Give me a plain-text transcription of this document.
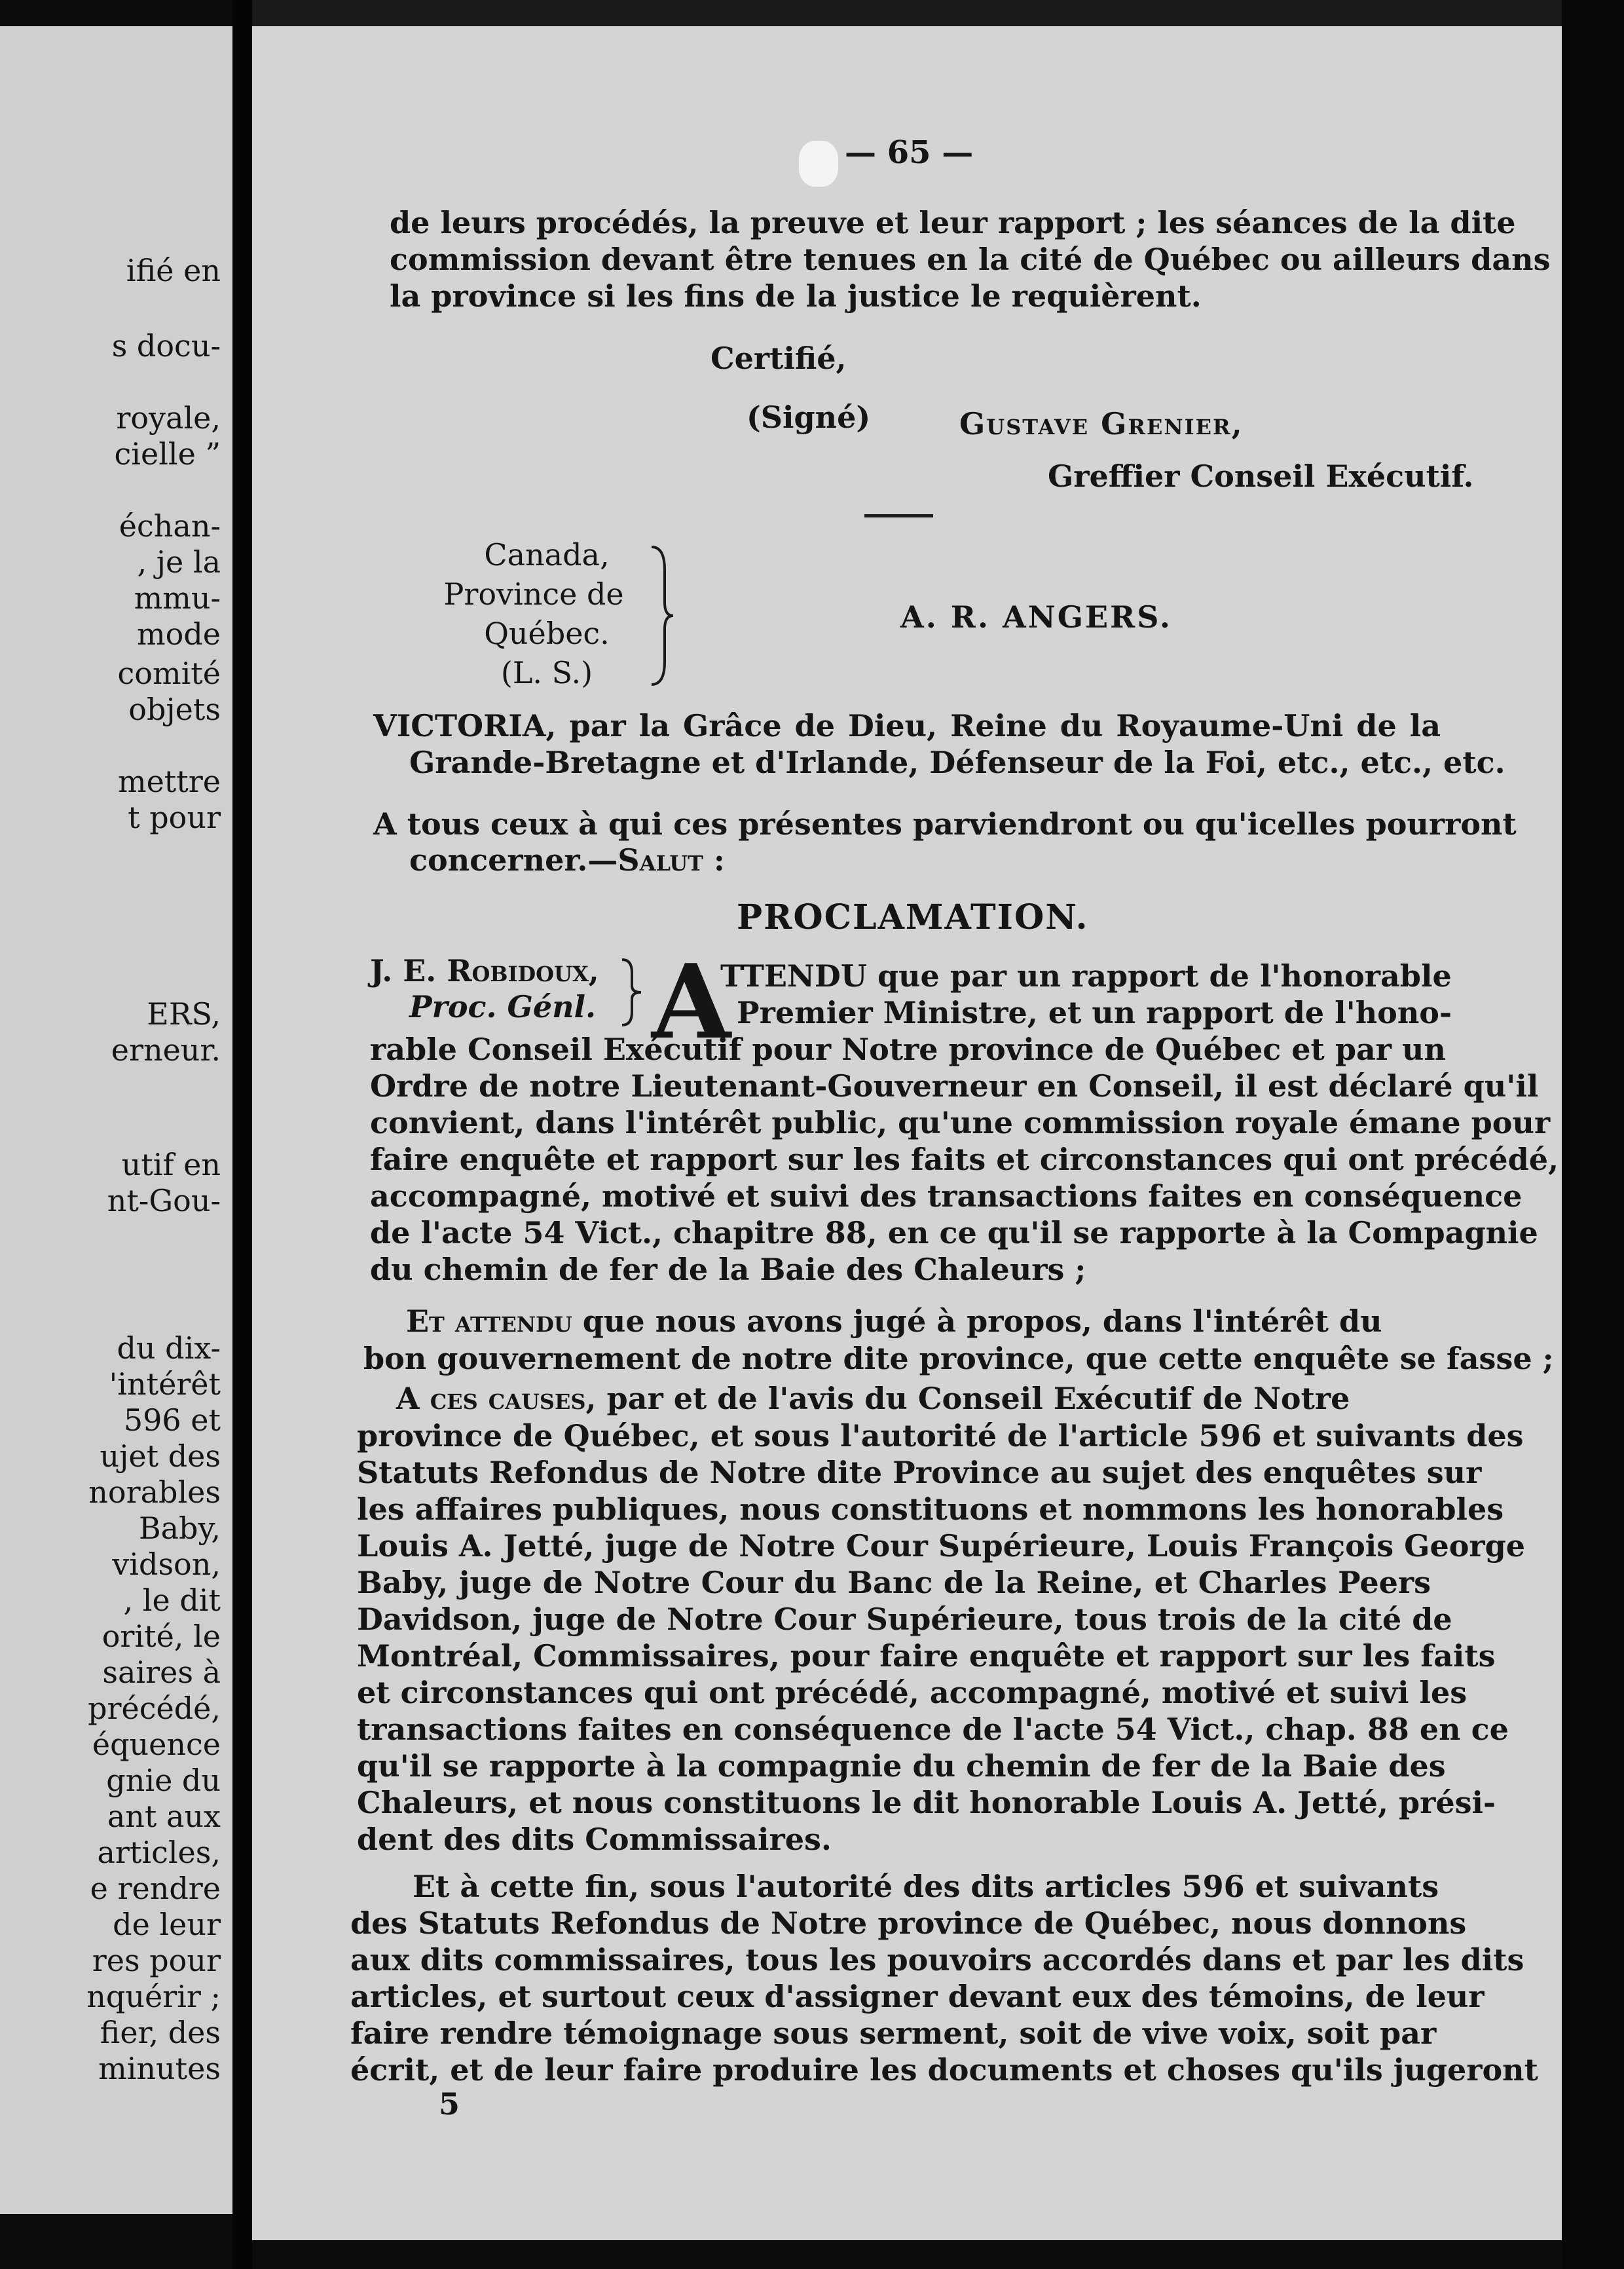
ifié en
s docu-
royale,
cielle ”
échan-
, je la
mmu-
mode
comité
objets
mettre
t pour
ERS,
erneur.
utif en
nt-Gou-
du dix-
'intérêt
596 et
ujet des
norables
Baby,
vidson,
, le dit
orité, le
saires à
précédé,
équence
gnie du
ant aux
articles,
e rendre
de leur
res pour
nquérir ;
fier, des
minutes
— 65 —
de leurs procédés, la preuve et leur rapport ; les séances de la dite
commission devant être tenues en la cité de Québec ou ailleurs dans
la province si les fins de la justice le requièrent.
Certifié,
(Signé)	Gustave Grenier,
Greffier Conseil Exécutif.
Canada,
Province de
Québec.
(L. S.)
A. R. ANGERS.
VICTORIA, par la Grâce de Dieu, Reine du Royaume-Uni de la
Grande-Bretagne et d'Irlande, Défenseur de la Foi, etc., etc., etc.
A tous ceux à qui ces présentes parviendront ou qu'icelles pourront
concerner.—Salut :
PROCLAMATION.
J. E. Robidoux,
Proc. Génl. A
TTENDU que par un rapport de l'honorable
Premier Ministre, et un rapport de l'hono-
rable Conseil Exécutif pour Notre province de Québec et par un
Ordre de notre Lieutenant-Gouverneur en Conseil, il est déclaré qu'il
convient, dans l'intérêt public, qu'une commission royale émane pour
faire enquête et rapport sur les faits et circonstances qui ont précédé,
accompagné, motivé et suivi des transactions faites en conséquence
de l'acte 54 Vict., chapitre 88, en ce qu'il se rapporte à la Compagnie
du chemin de fer de la Baie des Chaleurs ;
Et attendu que nous avons jugé à propos, dans l'intérêt du
bon gouvernement de notre dite province, que cette enquête se fasse ;
A ces causes, par et de l'avis du Conseil Exécutif de Notre
province de Québec, et sous l'autorité de l'article 596 et suivants des
Statuts Refondus de Notre dite Province au sujet des enquêtes sur
les affaires publiques, nous constituons et nommons les honorables
Louis A. Jetté, juge de Notre Cour Supérieure, Louis François George
Baby, juge de Notre Cour du Banc de la Reine, et Charles Peers
Davidson, juge de Notre Cour Supérieure, tous trois de la cité de
Montréal, Commissaires, pour faire enquête et rapport sur les faits
et circonstances qui ont précédé, accompagné, motivé et suivi les
transactions faites en conséquence de l'acte 54 Vict., chap. 88 en ce
qu'il se rapporte à la compagnie du chemin de fer de la Baie des
Chaleurs, et nous constituons le dit honorable Louis A. Jetté, prési-
dent des dits Commissaires.
Et à cette fin, sous l'autorité des dits articles 596 et suivants
des Statuts Refondus de Notre province de Québec, nous donnons
aux dits commissaires, tous les pouvoirs accordés dans et par les dits
articles, et surtout ceux d'assigner devant eux des témoins, de leur
faire rendre témoignage sous serment, soit de vive voix, soit par
écrit, et de leur faire produire les documents et choses qu'ils jugeront
5
